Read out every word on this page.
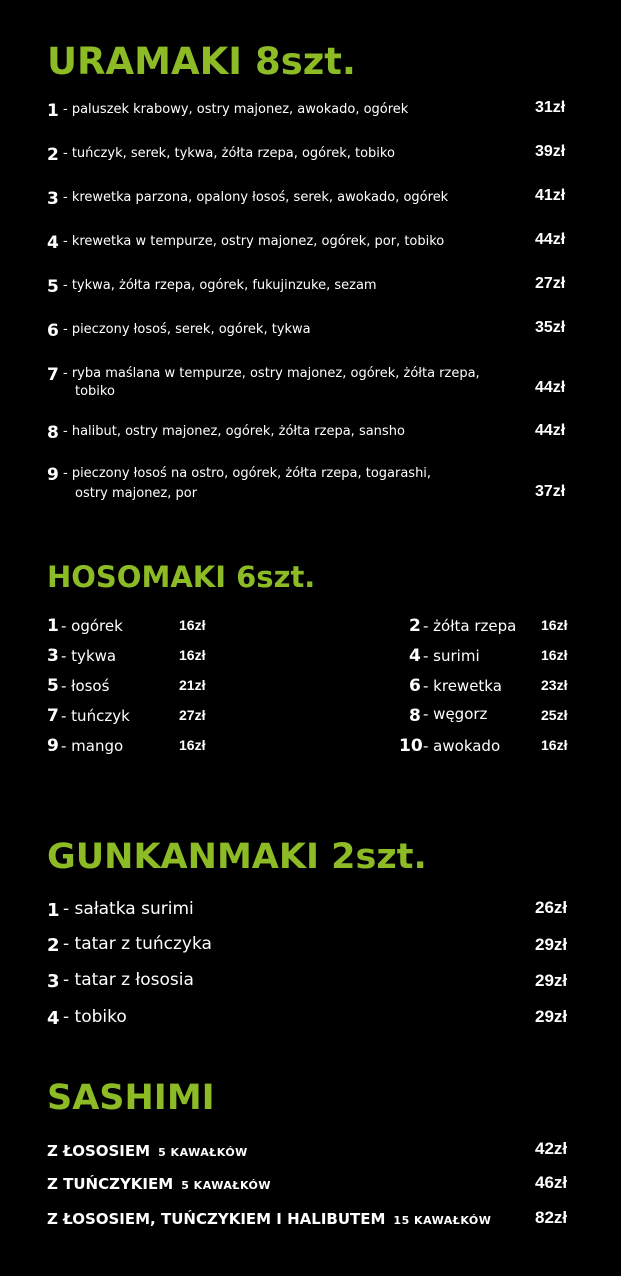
URAMAKI 8szt.
1 - paluszek krabowy, ostry majonez, awokado, ogórek	31zł
2 - tuńczyk, serek, tykwa, żółta rzepa, ogórek, tobiko	39zł
3 - krewetka parzona, opalony łosoś, serek, awokado, ogórek	41zł
4 - krewetka w tempurze, ostry majonez, ogórek, por, tobiko	44zł
5 - tykwa, żółta rzepa, ogórek, fukujinzuke, sezam	27zł
6 - pieczony łosoś, serek, ogórek, tykwa	35zł
7 - ryba maślana w tempurze, ostry majonez, ogórek, żółta rzepa,
tobiko	44zł
8 - halibut, ostry majonez, ogórek, żółta rzepa, sansho	44zł
9 - pieczony łosoś na ostro, ogórek, żółta rzepa, togarashi,
ostry majonez, por	37zł
HOSOMAKI 6szt.
1 - ogórek	16zł	2 - żółta rzepa 16zł
3 - tykwa	16zł	4 - surimi	16zł
5 - łosoś	21zł	6 - krewetka	23zł
7 - tuńczyk	27zł	8 - węgorz	25zł
9 - mango	16zł	10 - awokado	16zł
GUNKANMAKI 2szt.
1 - sałatka surimi	26zł
2 - tatar z tuńczyka	29zł
3 - tatar z łososia	29zł
4 - tobiko	29zł
SASHIMI
Z ŁOSOSIEM 5 KAWAŁKÓW	42zł
Z TUŃCZYKIEM 5 KAWAŁKÓW	46zł
Z ŁOSOSIEM, TUŃCZYKIEM I HALIBUTEM 15 KAWAŁKÓW	82zł
